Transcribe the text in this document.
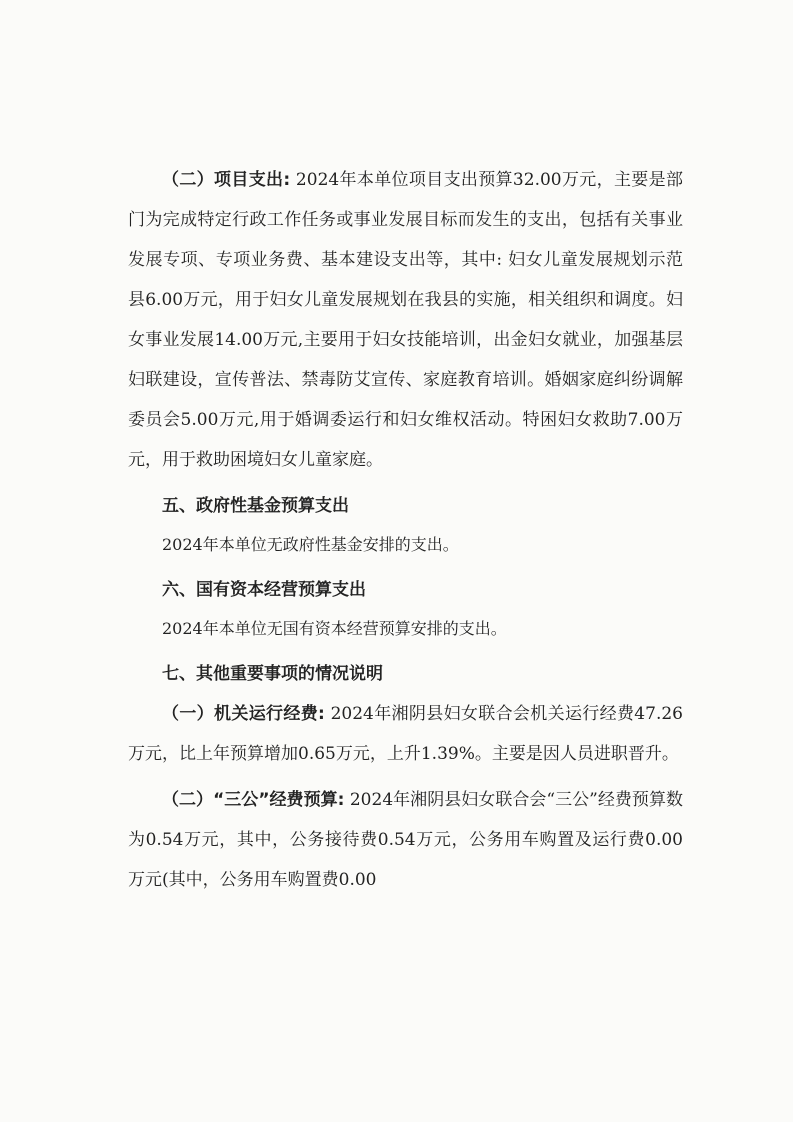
（二）项目支出: 2024年本单位项目支出预算32.00万元，主要是部门为完成特定行政工作任务或事业发展目标而发生的支出，包括有关事业发展专项、专项业务费、基本建设支出等，其中: 妇女儿童发展规划示范县6.00万元，用于妇女儿童发展规划在我县的实施，相关组织和调度。妇女事业发展14.00万元,主要用于妇女技能培训，出金妇女就业，加强基层妇联建设，宣传普法、禁毒防艾宣传、家庭教育培训。婚姻家庭纠纷调解委员会5.00万元,用于婚调委运行和妇女维权活动。特困妇女救助7.00万元，用于救助困境妇女儿童家庭。

五、政府性基金预算支出

2024年本单位无政府性基金安排的支出。

六、国有资本经营预算支出

2024年本单位无国有资本经营预算安排的支出。

七、其他重要事项的情况说明

（一）机关运行经费: 2024年湘阴县妇女联合会机关运行经费47.26万元，比上年预算增加0.65万元，上升1.39%。主要是因人员进职晋升。

（二）“三公”经费预算: 2024年湘阴县妇女联合会“三公”经费预算数为0.54万元，其中，公务接待费0.54万元，公务用车购置及运行费0.00万元(其中，公务用车购置费0.00
